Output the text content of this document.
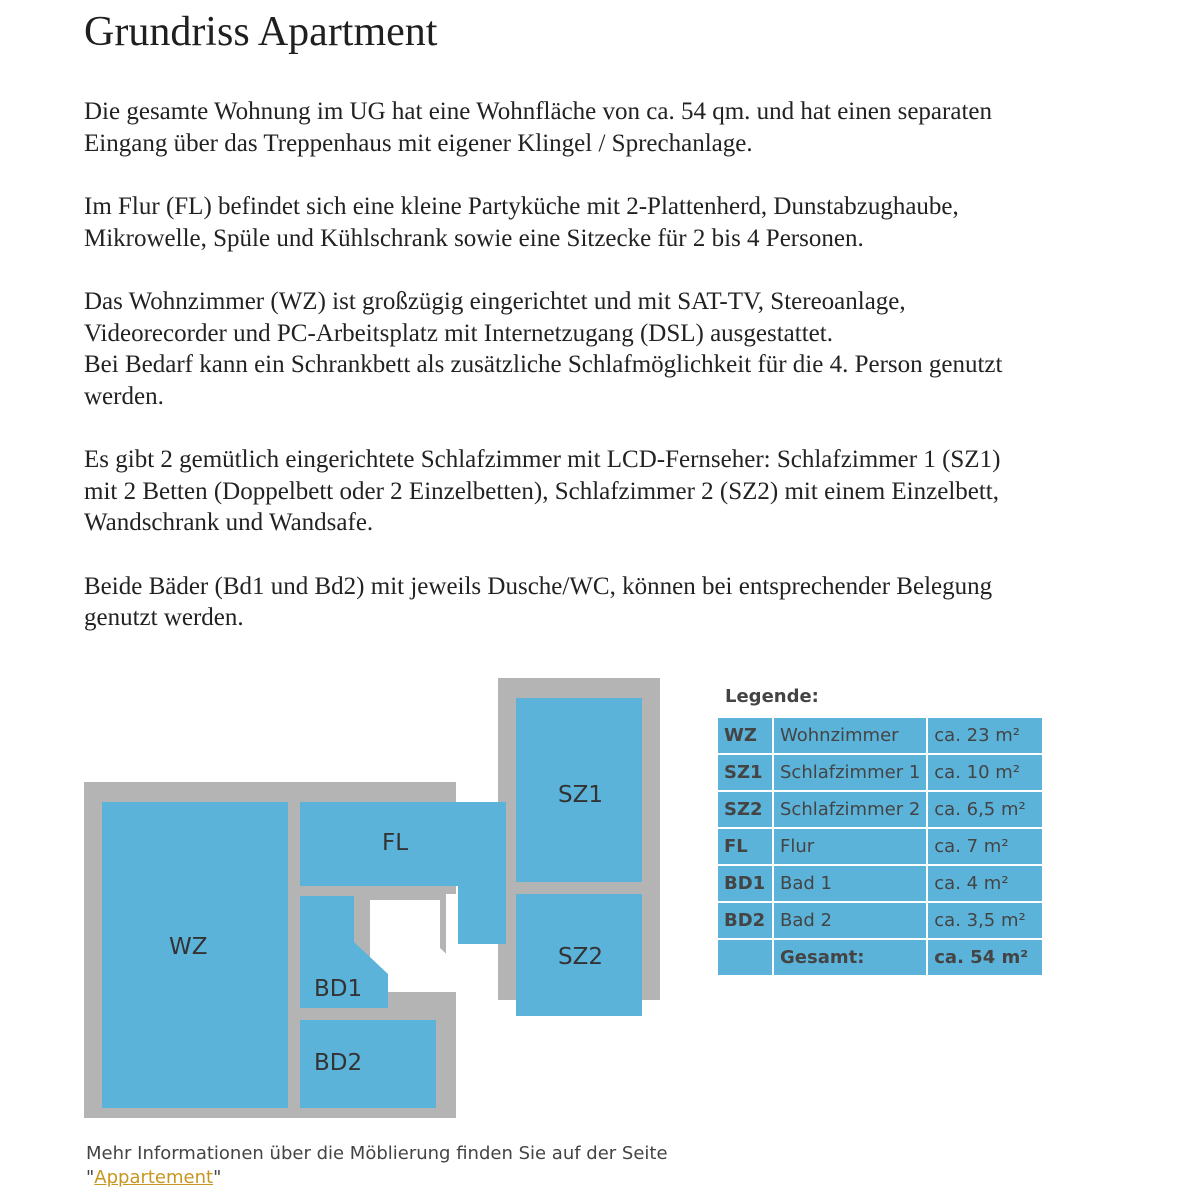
Grundriss Apartment

Die gesamte Wohnung im UG hat eine Wohnfläche von ca. 54 qm. und hat einen separaten
Eingang über das Treppenhaus mit eigener Klingel / Sprechanlage.

Im Flur (FL) befindet sich eine kleine Partyküche mit 2-Plattenherd, Dunstabzughaube,
Mikrowelle, Spüle und Kühlschrank sowie eine Sitzecke für 2 bis 4 Personen.

Das Wohnzimmer (WZ) ist großzügig eingerichtet und mit SAT-TV, Stereoanlage,
Videorecorder und PC-Arbeitsplatz mit Internetzugang (DSL) ausgestattet.
Bei Bedarf kann ein Schrankbett als zusätzliche Schlafmöglichkeit für die 4. Person genutzt
werden.

Es gibt 2 gemütlich eingerichtete Schlafzimmer mit LCD-Fernseher: Schlafzimmer 1 (SZ1)
mit 2 Betten (Doppelbett oder 2 Einzelbetten), Schlafzimmer 2 (SZ2) mit einem Einzelbett,
Wandschrank und Wandsafe.

Beide Bäder (Bd1 und Bd2) mit jeweils Dusche/WC, können bei entsprechender Belegung
genutzt werden.

WZ
FL
SZ1
SZ2
BD1
BD2
Legende:
WZ	Wohnzimmer	ca. 23 m²
SZ1	Schlafzimmer 1	ca. 10 m²
SZ2	Schlafzimmer 2	ca. 6,5 m²
FL	Flur	ca. 7 m²
BD1	Bad 1	ca. 4 m²
BD2	Bad 2	ca. 3,5 m²
	Gesamt:	ca. 54 m²
Mehr Informationen über die Möblierung finden Sie auf der Seite
"Appartement"
